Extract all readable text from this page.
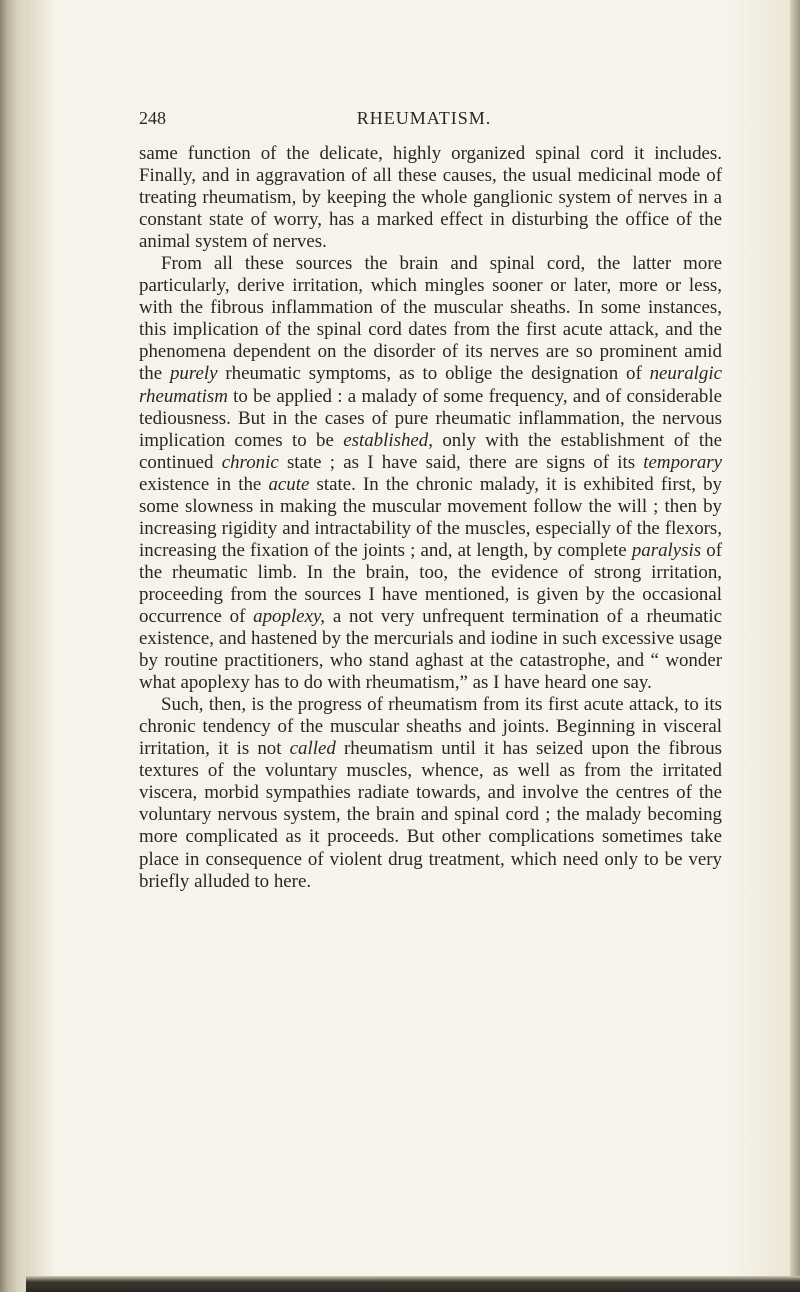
248	RHEUMATISM.

same function of the delicate, highly organized spinal cord it includes. Finally, and in aggravation of all these causes, the usual medicinal mode of treating rheumatism, by keeping the whole ganglionic system of nerves in a constant state of worry, has a marked effect in disturbing the office of the animal system of nerves.

From all these sources the brain and spinal cord, the latter more particularly, derive irritation, which mingles sooner or later, more or less, with the fibrous inflammation of the muscular sheaths. In some instances, this implication of the spinal cord dates from the first acute attack, and the phenomena dependent on the disorder of its nerves are so prominent amid the purely rheumatic symptoms, as to oblige the designation of neuralgic rheumatism to be applied : a malady of some frequency, and of considerable tediousness. But in the cases of pure rheumatic inflammation, the nervous implication comes to be established, only with the establishment of the continued chronic state ; as I have said, there are signs of its temporary existence in the acute state. In the chronic malady, it is exhibited first, by some slowness in making the muscular movement follow the will ; then by increasing rigidity and intractability of the muscles, especially of the flexors, increasing the fixation of the joints ; and, at length, by complete paralysis of the rheumatic limb. In the brain, too, the evidence of strong irritation, proceeding from the sources I have mentioned, is given by the occasional occurrence of apoplexy, a not very unfrequent termination of a rheumatic existence, and hastened by the mercurials and iodine in such excessive usage by routine practitioners, who stand aghast at the catastrophe, and “ wonder what apoplexy has to do with rheumatism,” as I have heard one say.

Such, then, is the progress of rheumatism from its first acute attack, to its chronic tendency of the muscular sheaths and joints. Beginning in visceral irritation, it is not called rheumatism until it has seized upon the fibrous textures of the voluntary muscles, whence, as well as from the irritated viscera, morbid sympathies radiate towards, and involve the centres of the voluntary nervous system, the brain and spinal cord ; the malady becoming more complicated as it proceeds. But other complications sometimes take place in consequence of violent drug treatment, which need only to be very briefly alluded to here.
